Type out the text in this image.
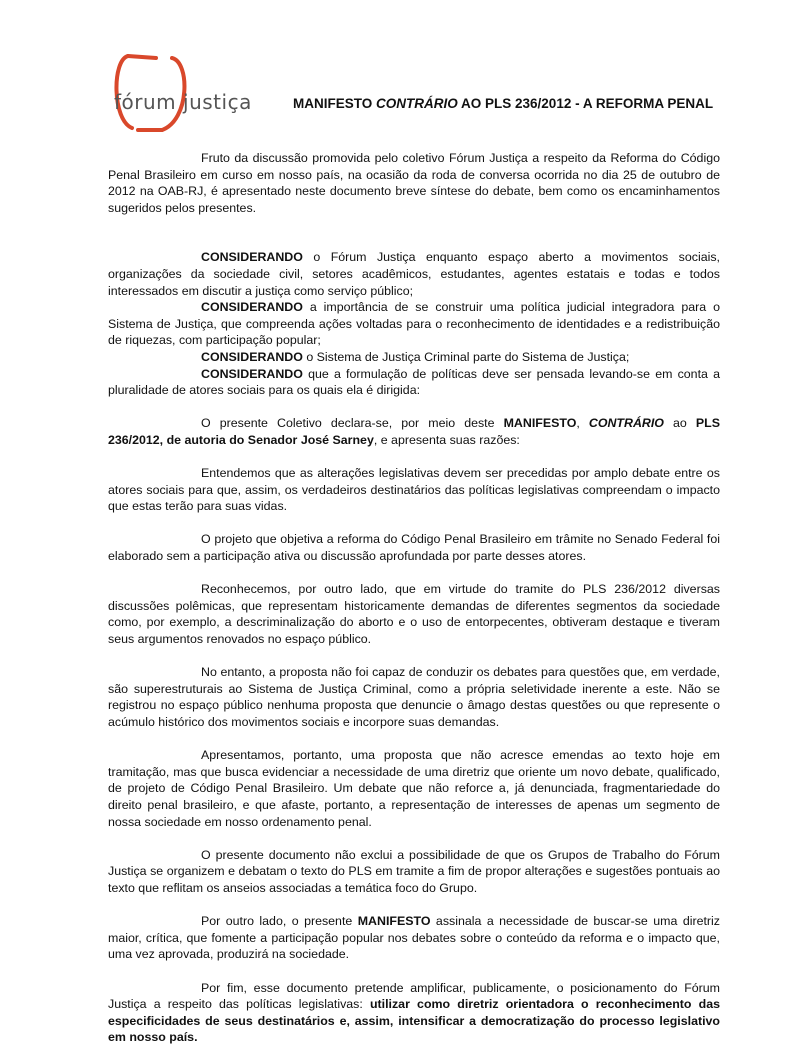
fórum justiça	MANIFESTO CONTRÁRIO AO PLS 236/2012 - A REFORMA PENAL

Fruto da discussão promovida pelo coletivo Fórum Justiça a respeito da Reforma do Código Penal Brasileiro em curso em nosso país, na ocasião da roda de conversa ocorrida no dia 25 de outubro de 2012 na OAB-RJ, é apresentado neste documento breve síntese do debate, bem como os encaminhamentos sugeridos pelos presentes.

CONSIDERANDO o Fórum Justiça enquanto espaço aberto a movimentos sociais, organizações da sociedade civil, setores acadêmicos, estudantes, agentes estatais e todas e todos interessados em discutir a justiça como serviço público;

CONSIDERANDO a importância de se construir uma política judicial integradora para o Sistema de Justiça, que compreenda ações voltadas para o reconhecimento de identidades e a redistribuição de riquezas, com participação popular;

CONSIDERANDO o Sistema de Justiça Criminal parte do Sistema de Justiça;

CONSIDERANDO que a formulação de políticas deve ser pensada levando-se em conta a pluralidade de atores sociais para os quais ela é dirigida:

O presente Coletivo declara-se, por meio deste MANIFESTO, CONTRÁRIO ao PLS 236/2012, de autoria do Senador José Sarney, e apresenta suas razões:

Entendemos que as alterações legislativas devem ser precedidas por amplo debate entre os atores sociais para que, assim, os verdadeiros destinatários das políticas legislativas compreendam o impacto que estas terão para suas vidas.

O projeto que objetiva a reforma do Código Penal Brasileiro em trâmite no Senado Federal foi elaborado sem a participação ativa ou discussão aprofundada por parte desses atores.

Reconhecemos, por outro lado, que em virtude do tramite do PLS 236/2012 diversas discussões polêmicas, que representam historicamente demandas de diferentes segmentos da sociedade como, por exemplo, a descriminalização do aborto e o uso de entorpecentes, obtiveram destaque e tiveram seus argumentos renovados no espaço público.

No entanto, a proposta não foi capaz de conduzir os debates para questões que, em verdade, são superestruturais ao Sistema de Justiça Criminal, como a própria seletividade inerente a este. Não se registrou no espaço público nenhuma proposta que denuncie o âmago destas questões ou que represente o acúmulo histórico dos movimentos sociais e incorpore suas demandas.

Apresentamos, portanto, uma proposta que não acresce emendas ao texto hoje em tramitação, mas que busca evidenciar a necessidade de uma diretriz que oriente um novo debate, qualificado, de projeto de Código Penal Brasileiro. Um debate que não reforce a, já denunciada, fragmentariedade do direito penal brasileiro, e que afaste, portanto, a representação de interesses de apenas um segmento de nossa sociedade em nosso ordenamento penal.

O presente documento não exclui a possibilidade de que os Grupos de Trabalho do Fórum Justiça se organizem e debatam o texto do PLS em tramite a fim de propor alterações e sugestões pontuais ao texto que reflitam os anseios associadas a temática foco do Grupo.

Por outro lado, o presente MANIFESTO assinala a necessidade de buscar-se uma diretriz maior, crítica, que fomente a participação popular nos debates sobre o conteúdo da reforma e o impacto que, uma vez aprovada, produzirá na sociedade.

Por fim, esse documento pretende amplificar, publicamente, o posicionamento do Fórum Justiça a respeito das políticas legislativas: utilizar como diretriz orientadora o reconhecimento das especificidades de seus destinatários e, assim, intensificar a democratização do processo legislativo em nosso país.
